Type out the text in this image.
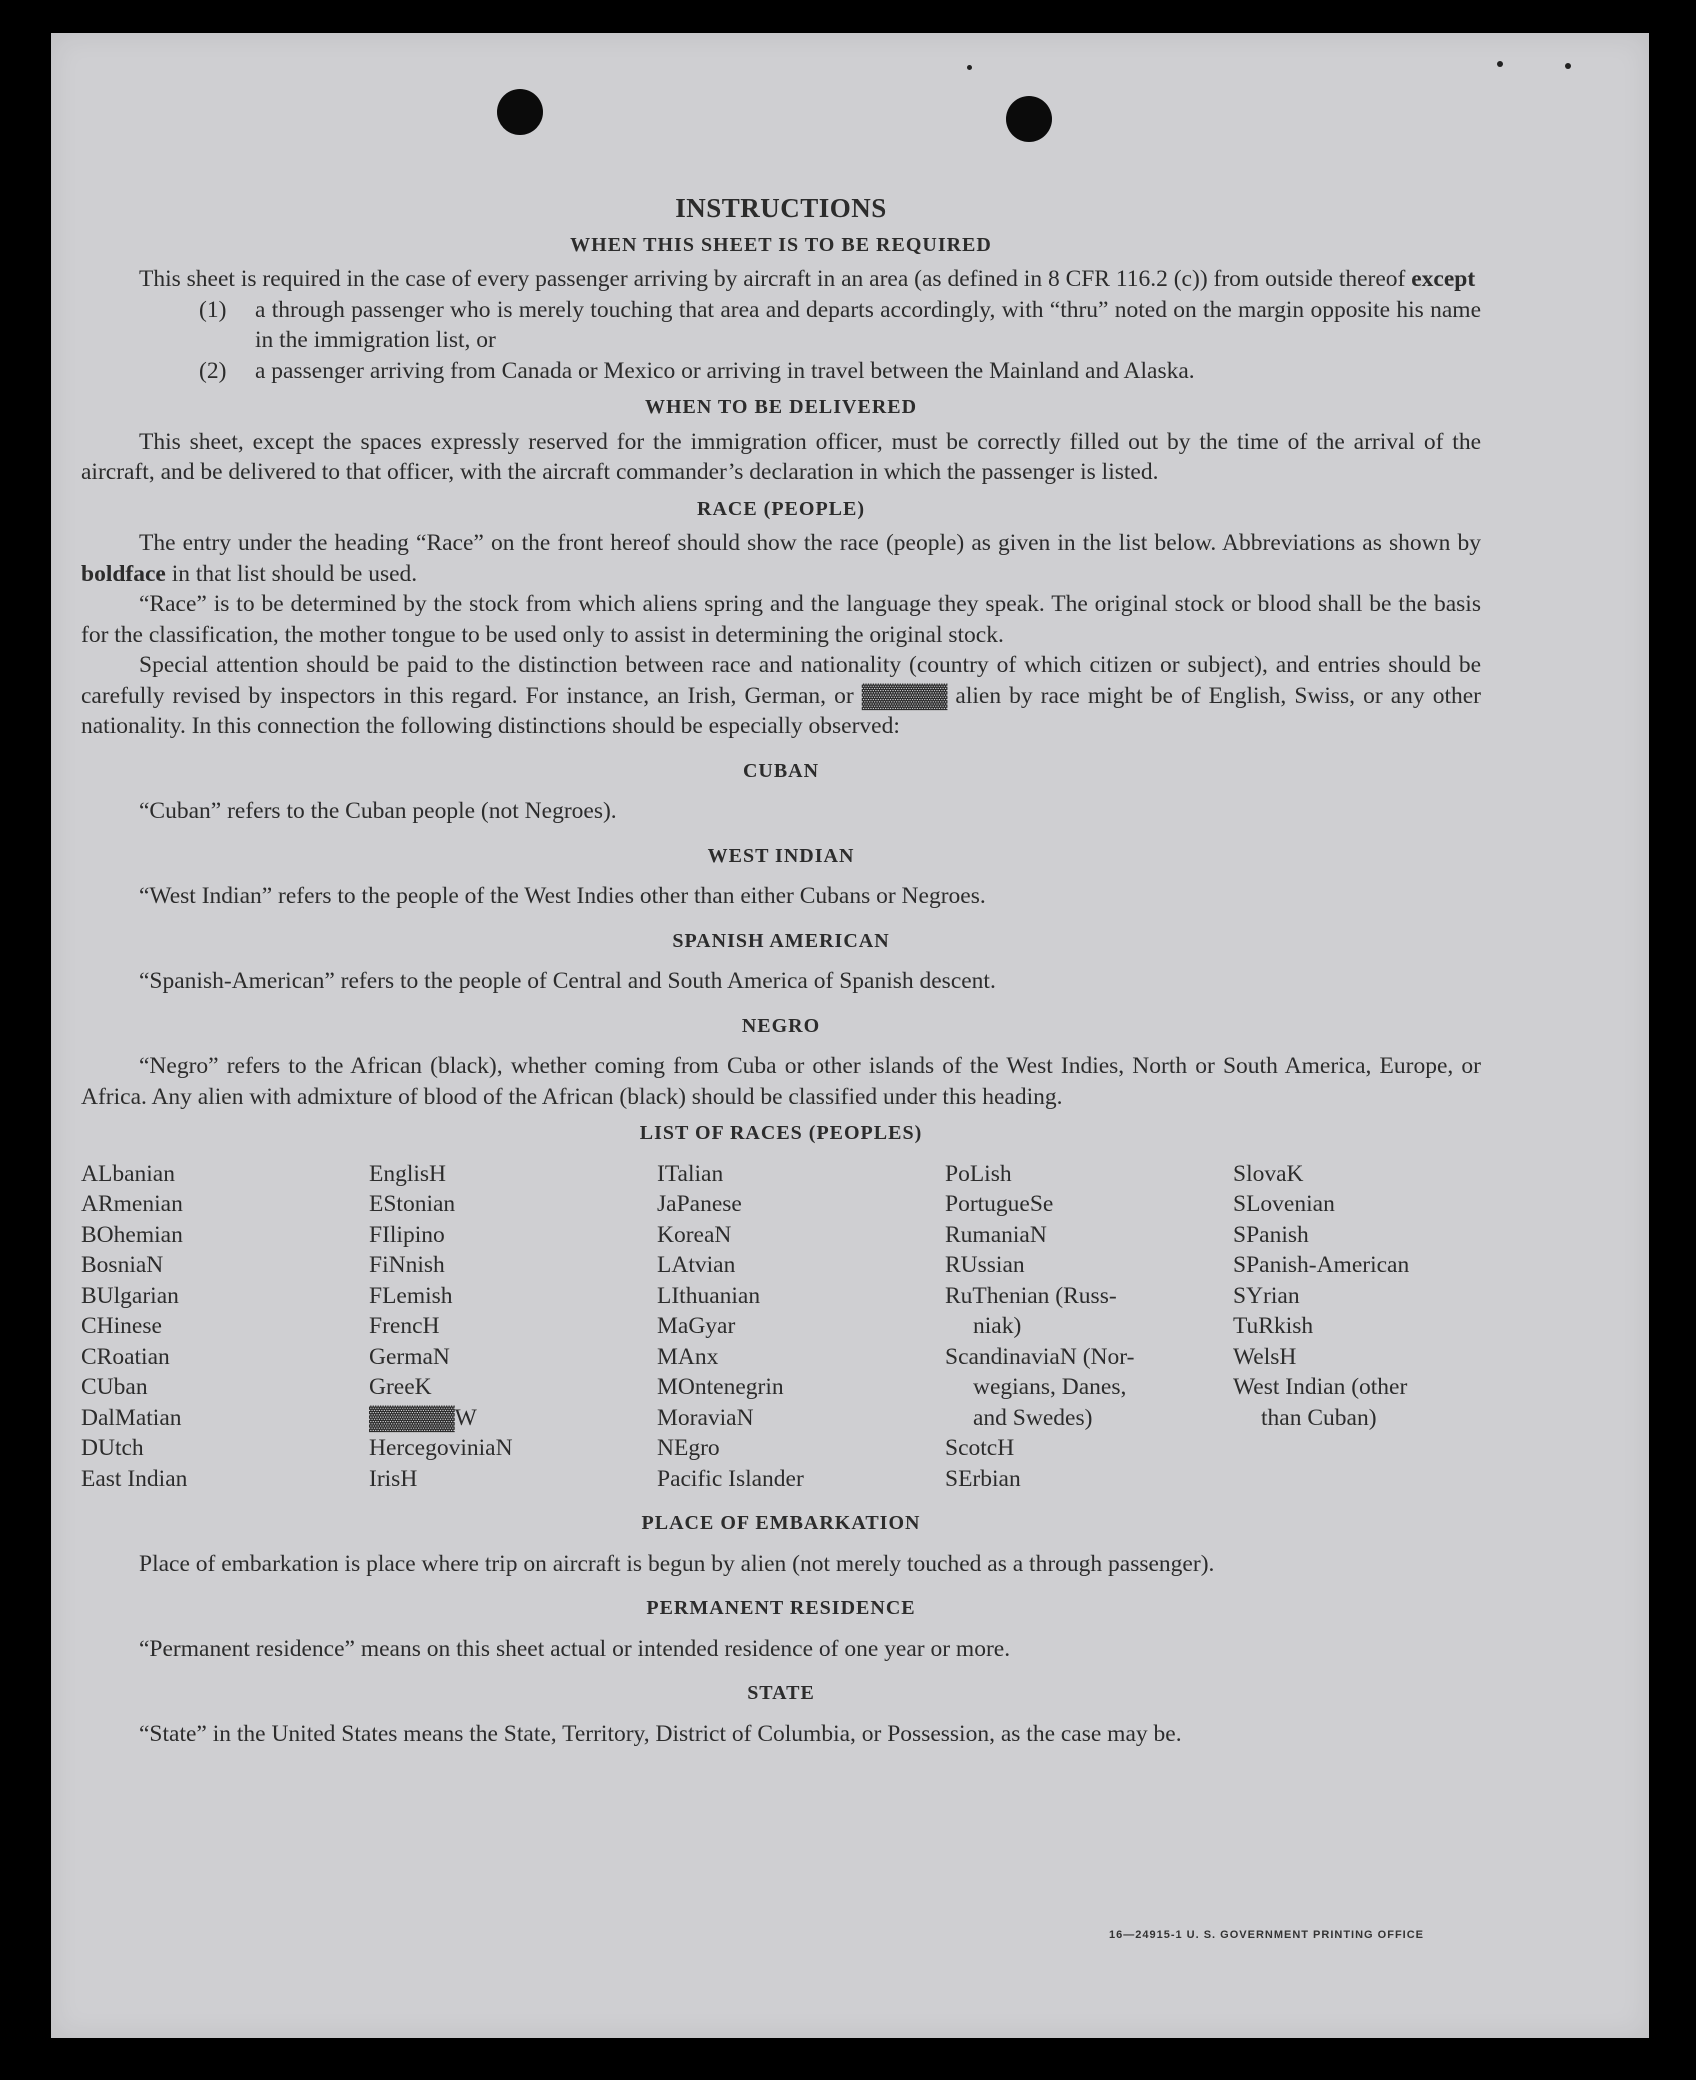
INSTRUCTIONS
WHEN THIS SHEET IS TO BE REQUIRED

This sheet is required in the case of every passenger arriving by aircraft in an area (as defined in 8 CFR 116.2 (c)) from outside thereof except

(1)	a through passenger who is merely touching that area and departs accordingly, with “thru” noted on the margin opposite his name in the immigration list, or
(2)	a passenger arriving from Canada or Mexico or arriving in travel between the Mainland and Alaska.
WHEN TO BE DELIVERED

This sheet, except the spaces expressly reserved for the immigration officer, must be correctly filled out by the time of the arrival of the aircraft, and be delivered to that officer, with the aircraft commander’s declaration in which the passenger is listed.

RACE (PEOPLE)

The entry under the heading “Race” on the front hereof should show the race (people) as given in the list below. Abbreviations as shown by boldface in that list should be used.

“Race” is to be determined by the stock from which aliens spring and the language they speak. The original stock or blood shall be the basis for the classification, the mother tongue to be used only to assist in determining the original stock.

Special attention should be paid to the distinction between race and nationality (country of which citizen or subject), and entries should be carefully revised by inspectors in this regard. For instance, an Irish, German, or ▓▓▓▓▓ alien by race might be of English, Swiss, or any other nationality. In this connection the following distinctions should be especially observed:

CUBAN

“Cuban” refers to the Cuban people (not Negroes).

WEST INDIAN

“West Indian” refers to the people of the West Indies other than either Cubans or Negroes.

SPANISH AMERICAN

“Spanish-American” refers to the people of Central and South America of Spanish descent.

NEGRO

“Negro” refers to the African (black), whether coming from Cuba or other islands of the West Indies, North or South America, Europe, or Africa. Any alien with admixture of blood of the African (black) should be classified under this heading.

LIST OF RACES (PEOPLES)
ALbanian
ARmenian
BOhemian
BosniaN
BUlgarian
CHinese
CRoatian
CUban
DalMatian
DUtch
East Indian
EnglisH
EStonian
FIlipino
FiNnish
FLemish
FrencH
GermaN
GreeK
▓▓▓▓▓W
HercegoviniaN
IrisH
ITalian
JaPanese
KoreaN
LAtvian
LIthuanian
MaGyar
MAnx
MOntenegrin
MoraviaN
NEgro
Pacific Islander
PoLish
PortugueSe
RumaniaN
RUssian
RuThenian (Russ-
niak)
ScandinaviaN (Nor-
wegians, Danes,
and Swedes)
ScotcH
SErbian
SlovaK
SLovenian
SPanish
SPanish-American
SYrian
TuRkish
WelsH
West Indian (other
than Cuban)
PLACE OF EMBARKATION

Place of embarkation is place where trip on aircraft is begun by alien (not merely touched as a through passenger).

PERMANENT RESIDENCE

“Permanent residence” means on this sheet actual or intended residence of one year or more.

STATE

“State” in the United States means the State, Territory, District of Columbia, or Possession, as the case may be.

16—24915-1 U. S. GOVERNMENT PRINTING OFFICE
